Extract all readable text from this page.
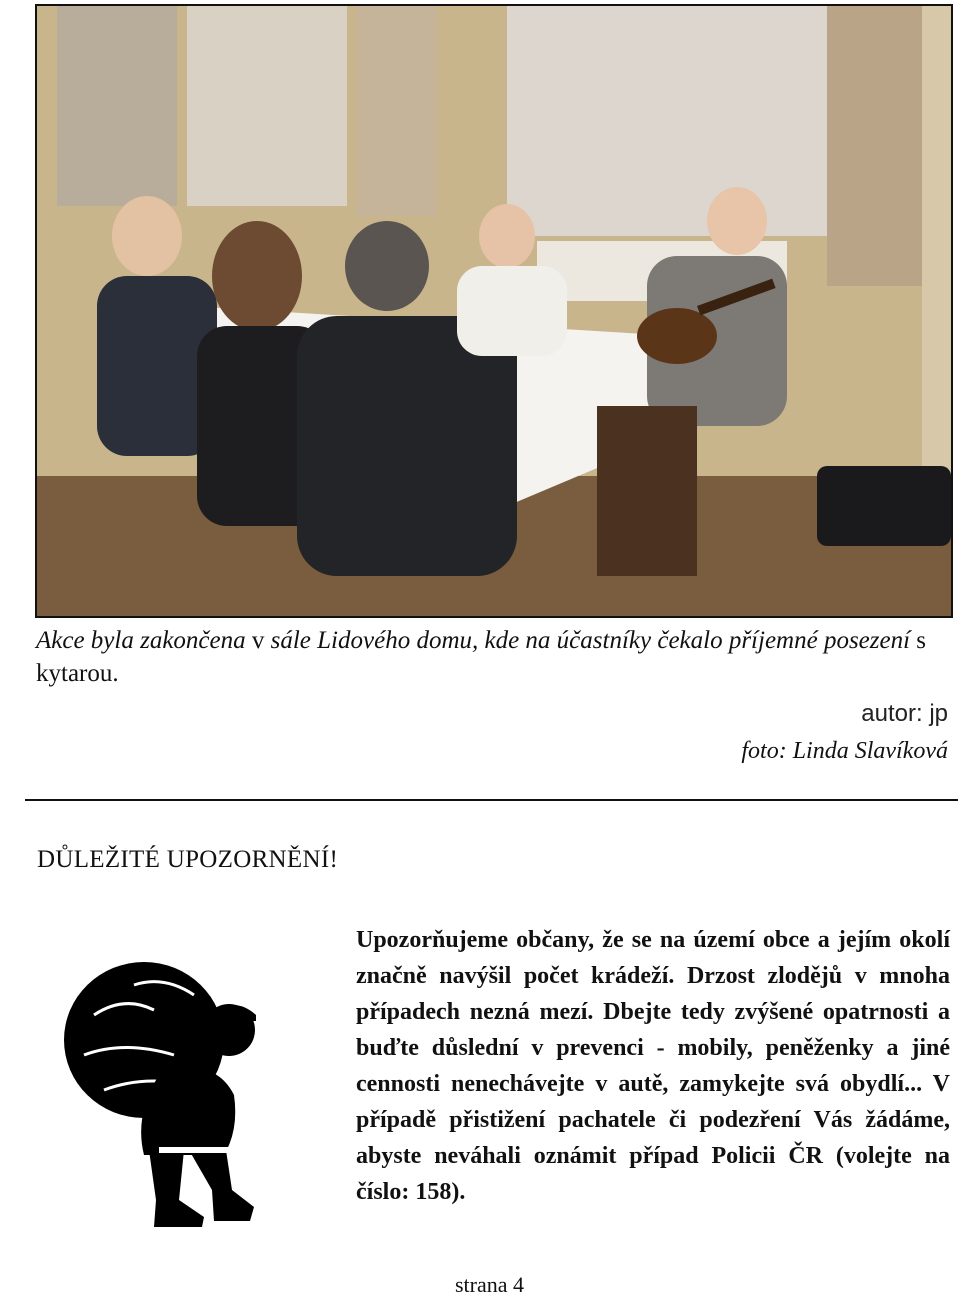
Akce byla zakončena v sále Lidového domu, kde na účastníky čekalo příjemné posezení s kytarou.
autor: jp
foto: Linda Slavíková
DŮLEŽITÉ UPOZORNĚNÍ!
Upozorňujeme občany, že se na území obce a jejím okolí značně navýšil počet krádeží. Drzost zlodějů v mnoha případech nezná mezí. Dbejte tedy zvýšené opatrnosti a buďte důslední v prevenci - mobily, peněženky a jiné cennosti nenechávejte v autě, zamykejte svá obydlí... V případě přistižení pachatele či podezření Vás žádáme, abyste neváhali oznámit případ Policii ČR (volejte na číslo: 158).
strana 4
